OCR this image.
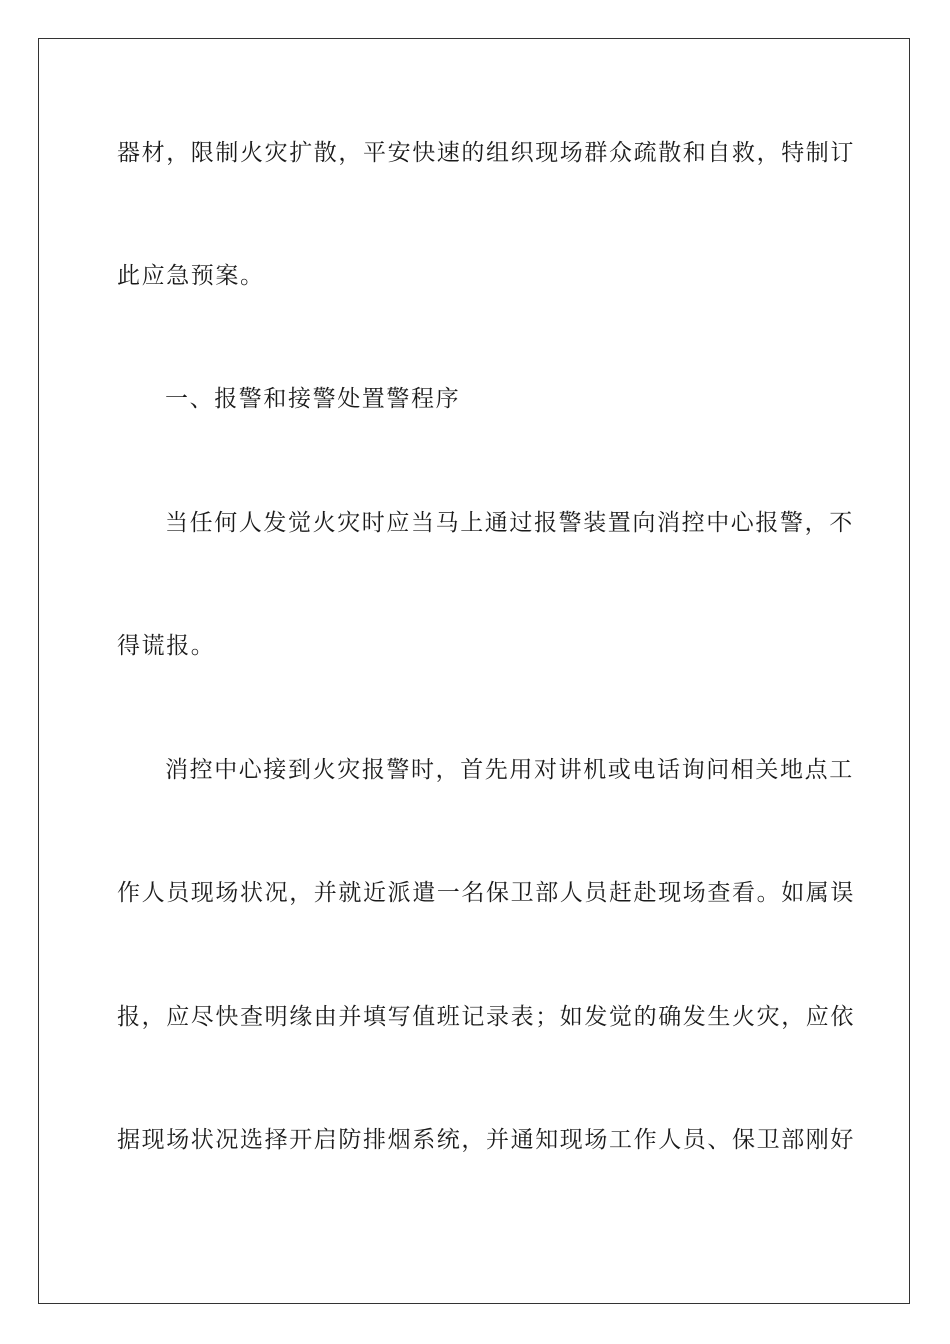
器材，限制火灾扩散，平安快速的组织现场群众疏散和自救，特制订
此应急预案。
一、报警和接警处置警程序
当任何人发觉火灾时应当马上通过报警装置向消控中心报警，不
得谎报。
消控中心接到火灾报警时，首先用对讲机或电话询问相关地点工
作人员现场状况，并就近派遣一名保卫部人员赶赴现场查看。如属误
报，应尽快查明缘由并填写值班记录表；如发觉的确发生火灾，应依
据现场状况选择开启防排烟系统，并通知现场工作人员、保卫部刚好
